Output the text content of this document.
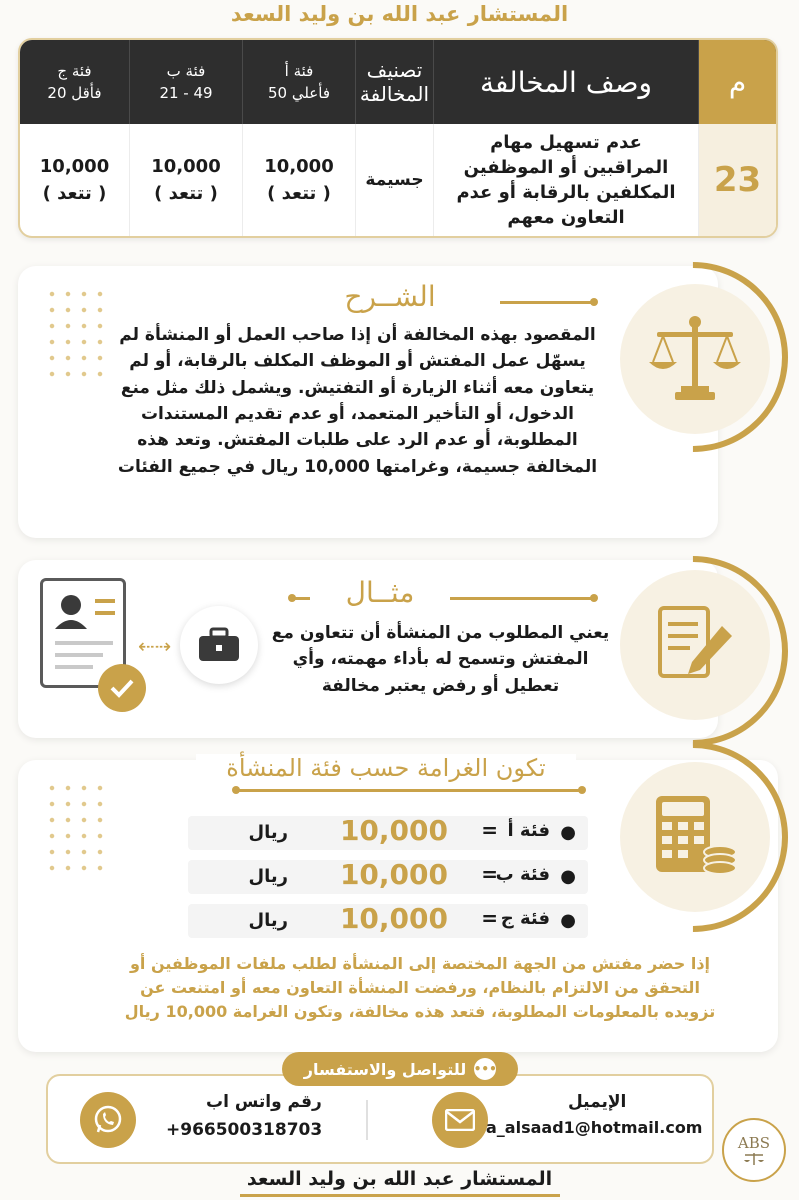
المستشار عبد الله بن وليد السعد
م
وصف المخالفة
تصنيف
المخالفة
فئة أ
50 فأعلي
فئة ب
21 - 49
فئة ج
20 فأقل
23
عدم تسهيل مهام المراقبين أو الموظفين المكلفين بالرقابة أو عدم التعاون معهم
جسيمة
10,000
( تتعد )
10,000
( تتعد )
10,000
( تتعد )
الشــرح
المقصود بهذه المخالفة أن إذا صاحب العمل أو المنشأة لم يسهّل عمل المفتش أو الموظف المكلف بالرقابة، أو لم يتعاون معه أثناء الزيارة أو التفتيش. ويشمل ذلك مثل منع الدخول، أو التأخير المتعمد، أو عدم تقديم المستندات المطلوبة، أو عدم الرد على طلبات المفتش. وتعد هذه المخالفة جسيمة، وغرامتها 10,000 ريال في جميع الفئات
⇠⇢
مثــال
يعني المطلوب من المنشأة أن تتعاون مع المفتش وتسمح له بأداء مهمته، وأي تعطيل أو رفض يعتبر مخالفة
تكون الغرامة حسب فئة المنشأة
●
فئة أ
=
10,000
ريال
●
فئة ب
=
10,000
ريال
●
فئة ج
=
10,000
ريال
إذا حضر مفتش من الجهة المختصة إلى المنشأة لطلب ملفات الموظفين أو التحقق من الالتزام بالنظام، ورفضت المنشأة التعاون معه أو امتنعت عن تزويده بالمعلومات المطلوبة، فتعد هذه مخالفة، وتكون الغرامة 10,000 ريال
الإيميل
a_alsaad1@hotmail.com
رقم واتس اب
+966500318703
•••
للتواصل والاستفسار
ABS
المستشار عبد الله بن وليد السعد
